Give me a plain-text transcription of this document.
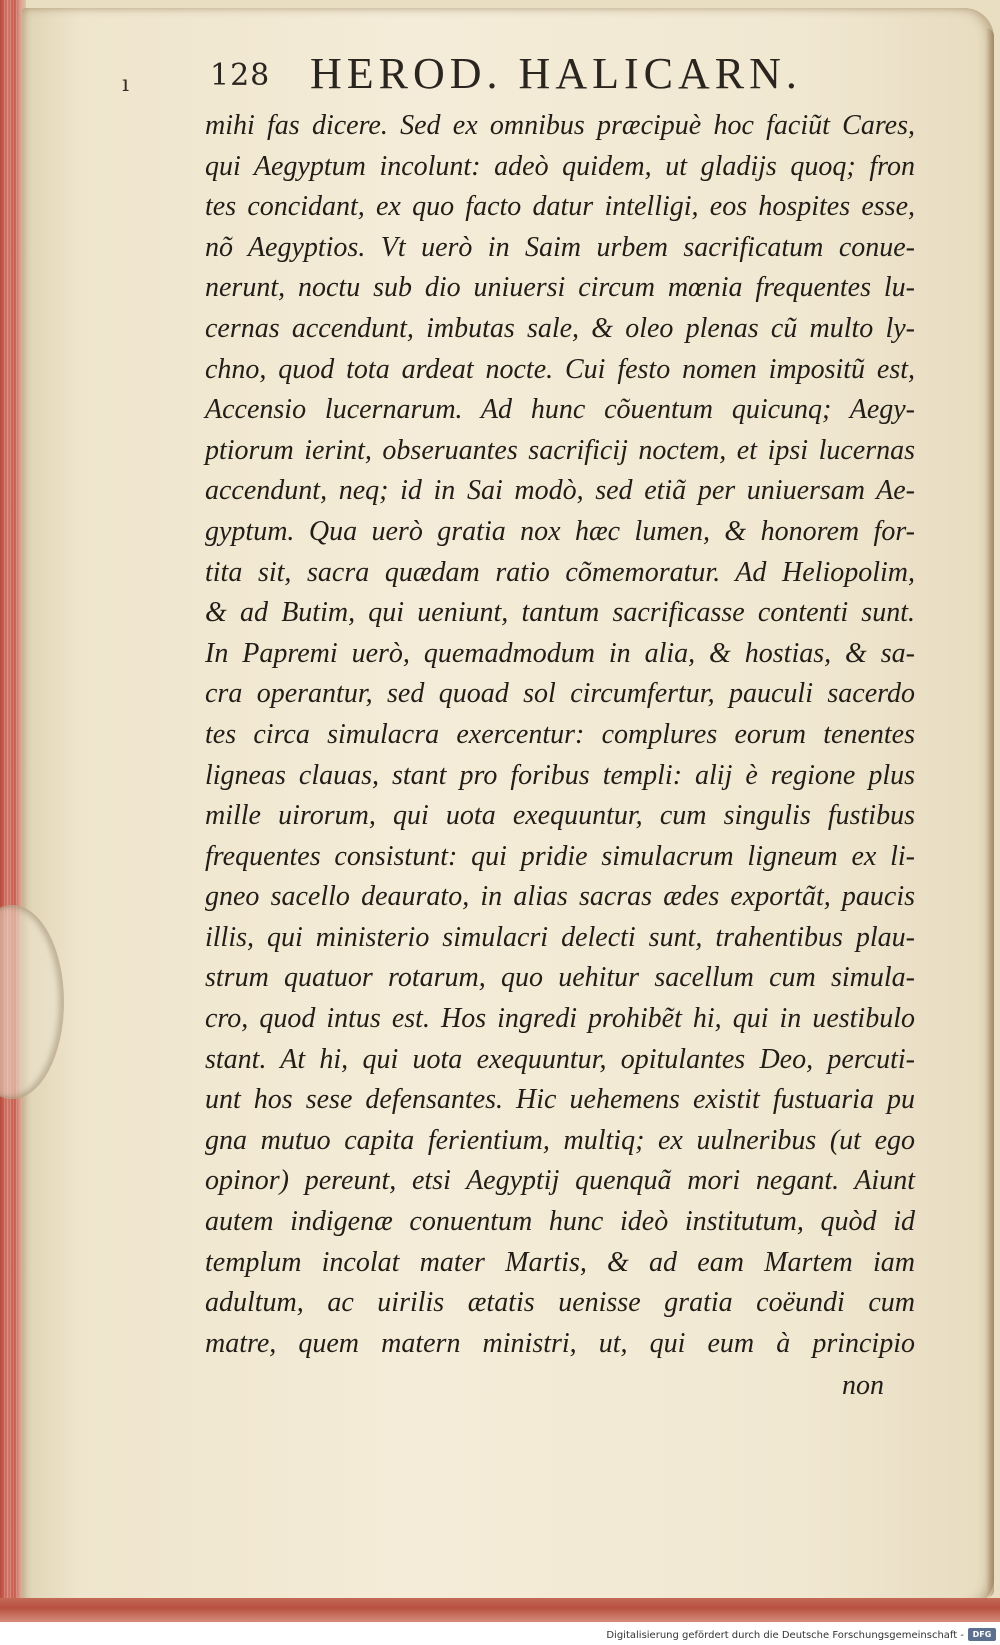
ı	128 HEROD. HALICARN.
mihi fas dicere. Sed ex omnibus præcipuè hoc faciũt Cares,
qui Aegyptum incolunt: adeò quidem, ut gladijs quoq; fron
tes concidant, ex quo facto datur intelligi, eos hospites esse,
nõ Aegyptios. Vt uerò in Saim urbem sacrificatum conue-
nerunt, noctu sub dio uniuersi circum mœnia frequentes lu-
cernas accendunt, imbutas sale, & oleo plenas cũ multo ly-
chno, quod tota ardeat nocte. Cui festo nomen impositũ est,
Accensio lucernarum. Ad hunc cõuentum quicunq; Aegy-
ptiorum ierint, obseruantes sacrificij noctem, et ipsi lucernas
accendunt, neq; id in Sai modò, sed etiã per uniuersam Ae-
gyptum. Qua uerò gratia nox hæc lumen, & honorem for-
tita sit, sacra quædam ratio cõmemoratur. Ad Heliopolim,
& ad Butim, qui ueniunt, tantum sacrificasse contenti sunt.
In Papremi uerò, quemadmodum in alia, & hostias, & sa-
cra operantur, sed quoad sol circumfertur, pauculi sacerdo
tes circa simulacra exercentur: complures eorum tenentes
ligneas clauas, stant pro foribus templi: alij è regione plus
mille uirorum, qui uota exequuntur, cum singulis fustibus
frequentes consistunt: qui pridie simulacrum ligneum ex li-
gneo sacello deaurato, in alias sacras ædes exportãt, paucis
illis, qui ministerio simulacri delecti sunt, trahentibus plau-
strum quatuor rotarum, quo uehitur sacellum cum simula-
cro, quod intus est. Hos ingredi prohibẽt hi, qui in uestibulo
stant. At hi, qui uota exequuntur, opitulantes Deo, percuti-
unt hos sese defensantes. Hic uehemens existit fustuaria pu
gna mutuo capita ferientium, multiq; ex uulneribus (ut ego
opinor) pereunt, etsi Aegyptij quenquã mori negant. Aiunt
autem indigenæ conuentum hunc ideò institutum, quòd id
templum incolat mater Martis, & ad eam Martem iam
adultum, ac uirilis ætatis uenisse gratia coëundi cum
matre, quem matern ministri, ut, qui eum à principio
non
Digitalisierung gefördert durch die Deutsche Forschungsgemeinschaft -	DFG
